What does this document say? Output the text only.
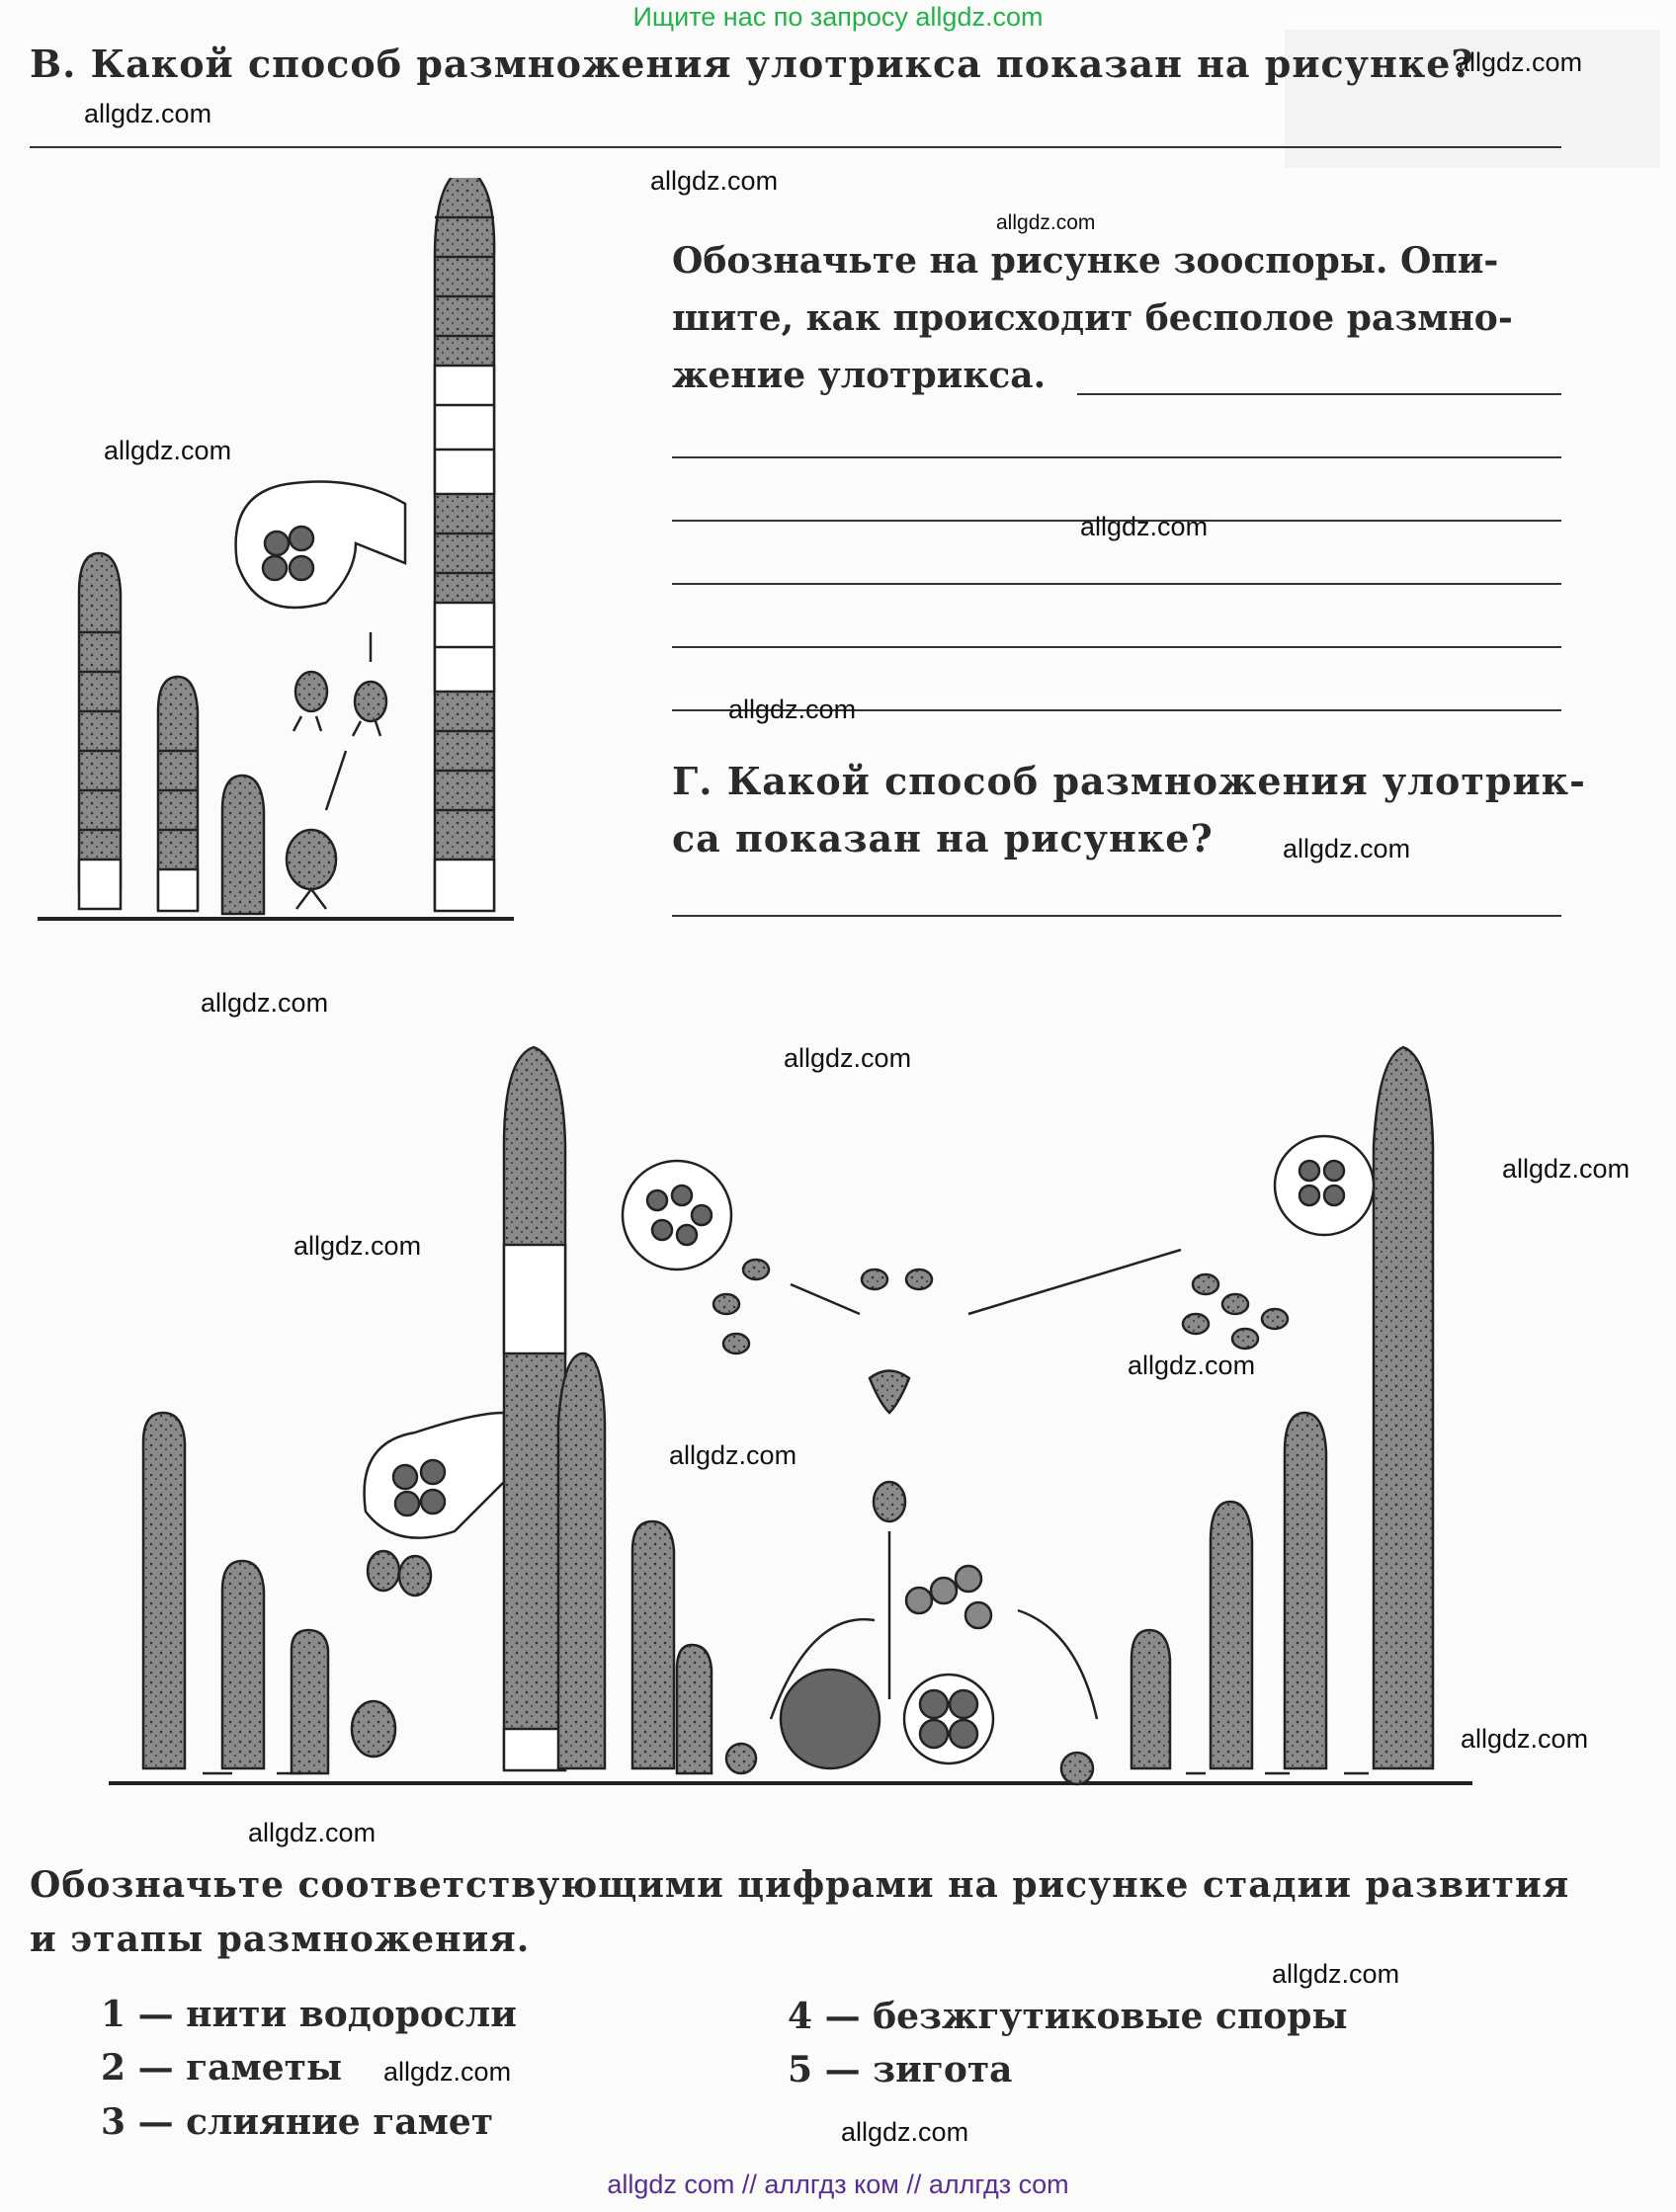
Ищите нас по запросу allgdz.com
allgdz com // аллгдз ком // аллгдз com
В. Какой способ размножения улотрикса показан на рисунке?
Обозначьте на рисунке зооспоры. Опи-
шите, как происходит бесполое размно-
жение улотрикса.
Г. Какой способ размножения улотрик-
са показан на рисунке?
Обозначьте соответствующими цифрами на рисунке стадии развития
и этапы размножения.
1 — нити водоросли
2 — гаметы
3 — слияние гамет
4 — безжгутиковые споры
5 — зигота
allgdz.com
allgdz.com
allgdz.com
allgdz.com
allgdz.com
allgdz.com
allgdz.com
allgdz.com
allgdz.com
allgdz.com
allgdz.com
allgdz.com
allgdz.com
allgdz.com
allgdz.com
allgdz.com
allgdz.com
allgdz.com
allgdz.com
